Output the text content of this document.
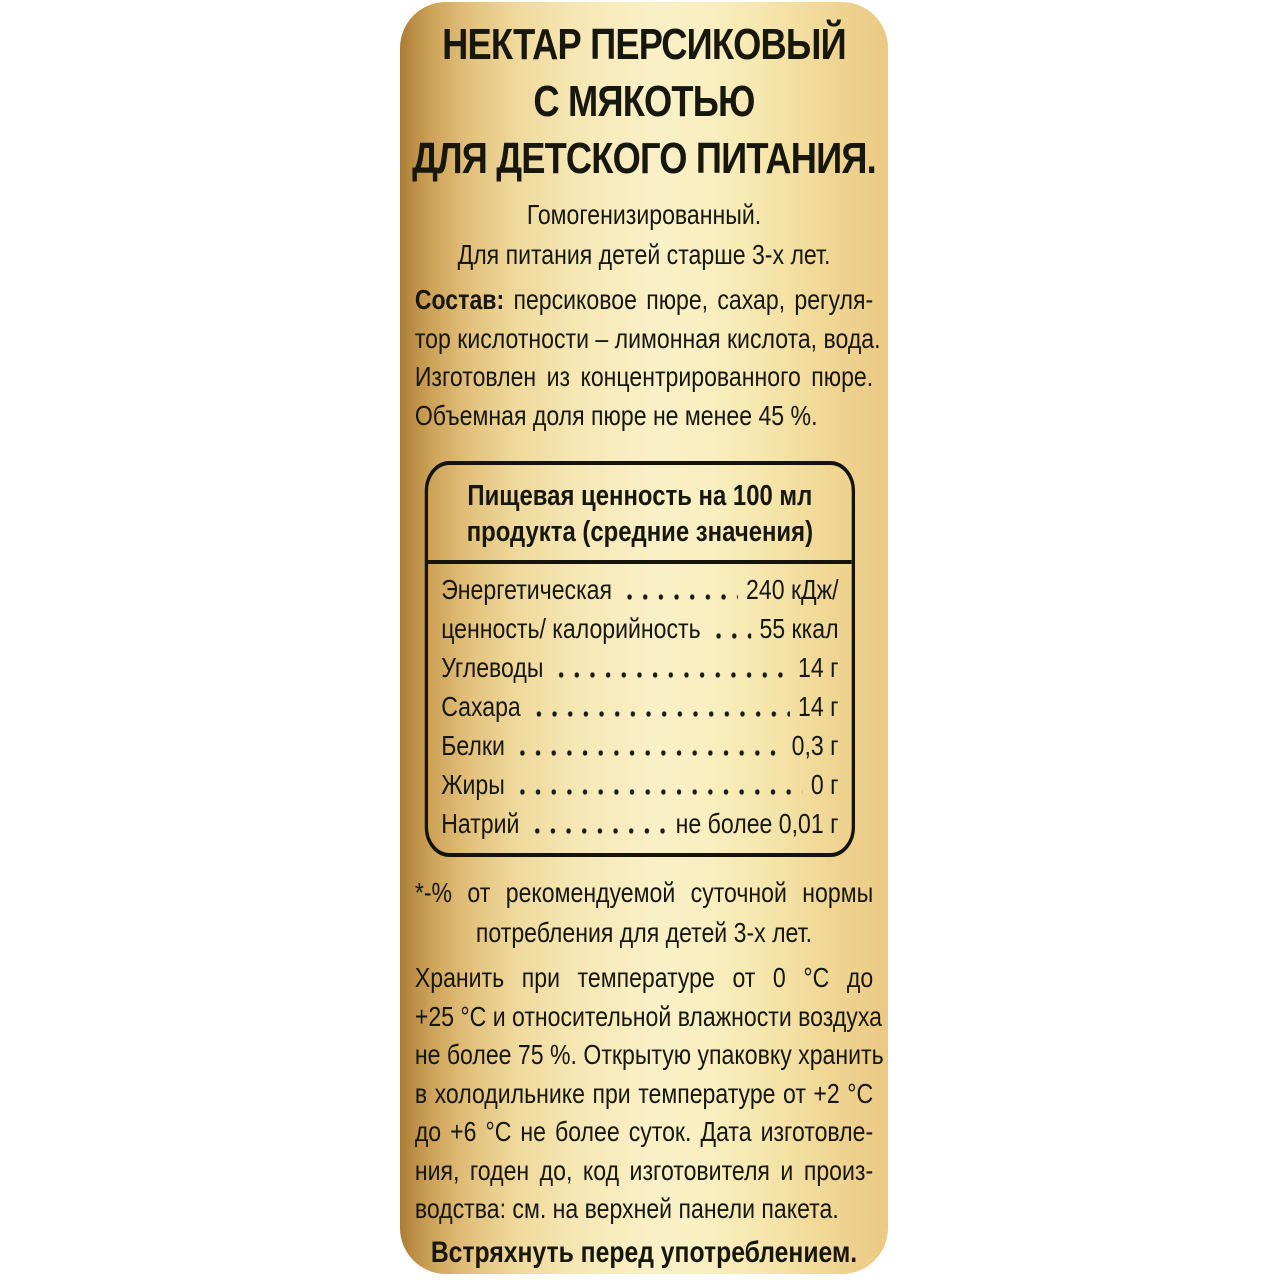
НЕКТАР ПЕРСИКОВЫЙ
С МЯКОТЬЮ
ДЛЯ ДЕТСКОГО ПИТАНИЯ.
Гомогенизированный.
Для питания детей старше 3-х лет.
Состав: персиковое пюре, сахар, регуля-
тор кислотности – лимонная кислота, вода.
Изготовлен из концентрированного пюре.
Объемная доля пюре не менее 45 %.
Пищевая ценность на 100 мл
продукта (средние значения)
Энергетическая	240 кДж/
ценность/ калорийность 55 ккал
Углеводы	14 г
Сахара	14 г
Белки	0,3 г
Жиры	0 г
Натрий	не более 0,01 г
*-% от рекомендуемой суточной нормы
потребления для детей 3-х лет.
Хранить при температуре от 0 °С до
+25 °С и относительной влажности воздуха
не более 75 %. Открытую упаковку хранить
в холодильнике при температуре от +2 °С
до +6 °С не более суток. Дата изготовле-
ния, годен до, код изготовителя и произ-
водства: см. на верхней панели пакета.
Встряхнуть перед употреблением.
